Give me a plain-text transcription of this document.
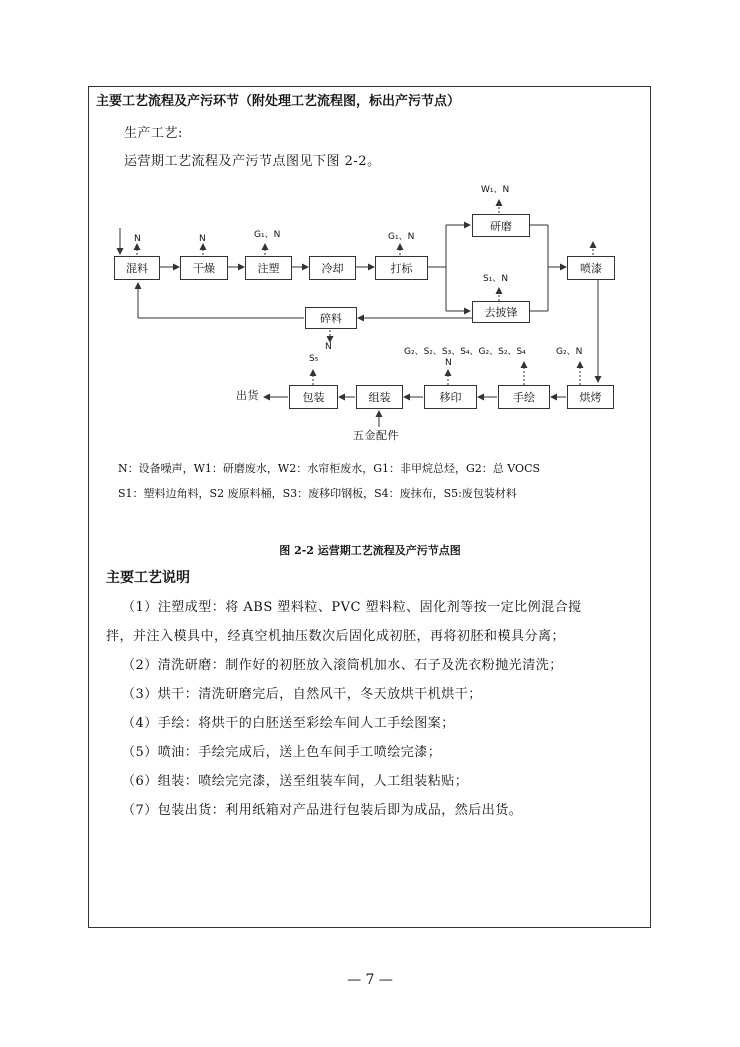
主要工艺流程及产污环节（附处理工艺流程图，标出产污节点）
生产工艺:
运营期工艺流程及产污节点图见下图 2-2。
混料	干燥	注塑	冷却	打标
研磨
去披锋
喷漆
碎料
烘烤
手绘
移印
组装
包装
出货
五金配件
N	N	G₁、N	G₁、N
W₁、N
S₁、N
N
S₅
G₂、S₂、S₃、S₄、G₂、S₂、S₄
N
G₂、N
N：设备噪声，W1：研磨废水，W2：水帘柜废水，G1：非甲烷总烃，G2：总 VOCS
S1：塑料边角料，S2 废原料桶，S3：废移印钢板，S4：废抹布，S5:废包装材料
图 2-2 运营期工艺流程及产污节点图
主要工艺说明
（1）注塑成型：将 ABS 塑料粒、PVC 塑料粒、固化剂等按一定比例混合搅
拌，并注入模具中，经真空机抽压数次后固化成初胚，再将初胚和模具分离；
（2）清洗研磨：制作好的初胚放入滚筒机加水、石子及洗衣粉抛光清洗；
（3）烘干：清洗研磨完后，自然风干，冬天放烘干机烘干；
（4）手绘：将烘干的白胚送至彩绘车间人工手绘图案；
（5）喷油：手绘完成后，送上色车间手工喷绘完漆；
（6）组装：喷绘完完漆，送至组装车间，人工组装粘贴；
（7）包装出货：利用纸箱对产品进行包装后即为成品，然后出货。
— 7 —
